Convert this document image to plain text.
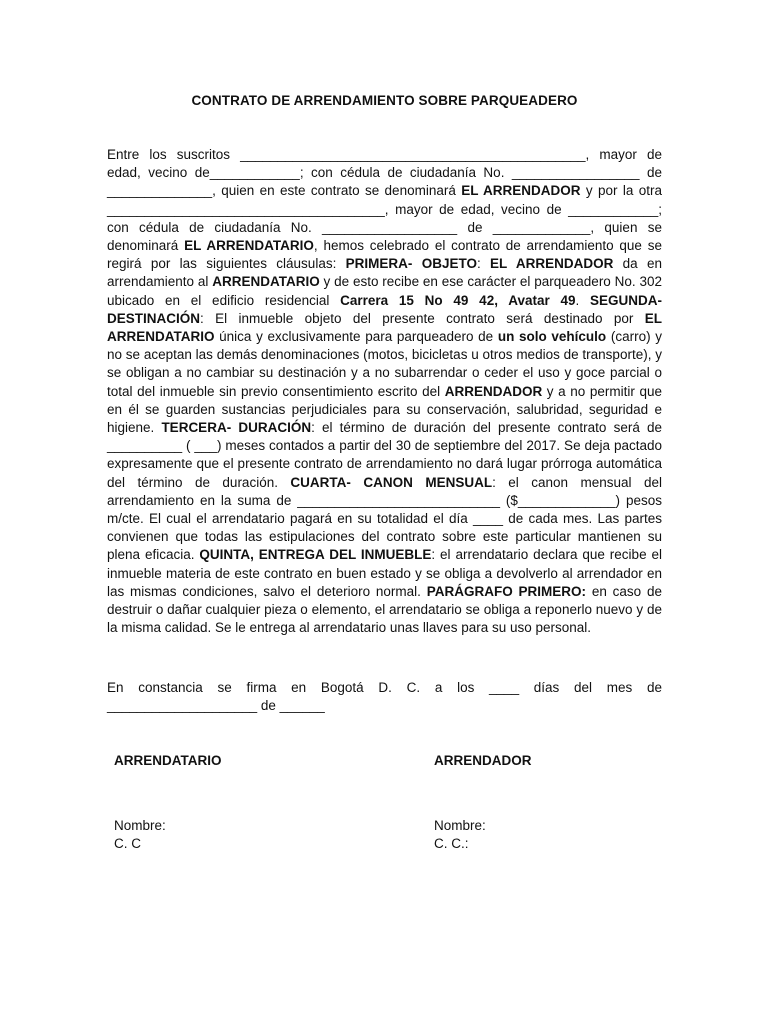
CONTRATO DE ARRENDAMIENTO SOBRE PARQUEADERO

Entre los suscritos ______________________________________________, mayor de edad, vecino de____________; con cédula de ciudadanía No. _________________ de ______________, quien en este contrato se denominará EL ARRENDADOR y por la otra _____________________________________, mayor de edad, vecino de ____________; con cédula de ciudadanía No. __________________ de _____________, quien se denominará EL ARRENDATARIO, hemos celebrado el contrato de arrendamiento que se regirá por las siguientes cláusulas: PRIMERA- OBJETO: EL ARRENDADOR da en arrendamiento al ARRENDATARIO y de esto recibe en ese carácter el parqueadero No. 302 ubicado en el edificio residencial Carrera 15 No 49 42, Avatar 49. SEGUNDA- DESTINACIÓN: El inmueble objeto del presente contrato será destinado por EL ARRENDATARIO única y exclusivamente para parqueadero de un solo vehículo (carro) y no se aceptan las demás denominaciones (motos, bicicletas u otros medios de transporte), y se obligan a no cambiar su destinación y a no subarrendar o ceder el uso y goce parcial o total del inmueble sin previo consentimiento escrito del ARRENDADOR y a no permitir que en él se guarden sustancias perjudiciales para su conservación, salubridad, seguridad e higiene. TERCERA- DURACIÓN: el término de duración del presente contrato será de __________ ( ___) meses contados a partir del 30 de septiembre del 2017. Se deja pactado expresamente que el presente contrato de arrendamiento no dará lugar prórroga automática del término de duración. CUARTA- CANON MENSUAL: el canon mensual del arrendamiento en la suma de ___________________________ ($_____________) pesos m/cte. El cual el arrendatario pagará en su totalidad el día ____ de cada mes. Las partes convienen que todas las estipulaciones del contrato sobre este particular mantienen su plena eficacia. QUINTA, ENTREGA DEL INMUEBLE: el arrendatario declara que recibe el inmueble materia de este contrato en buen estado y se obliga a devolverlo al arrendador en las mismas condiciones, salvo el deterioro normal. PARÁGRAFO PRIMERO: en caso de destruir o dañar cualquier pieza o elemento, el arrendatario se obliga a reponerlo nuevo y de la misma calidad. Se le entrega al arrendatario unas llaves para su uso personal.

En constancia se firma en Bogotá D. C. a los ____ días del mes de ____________________ de ______

ARRENDATARIO	ARRENDADOR
Nombre:
C. C
Nombre:
C. C.:
